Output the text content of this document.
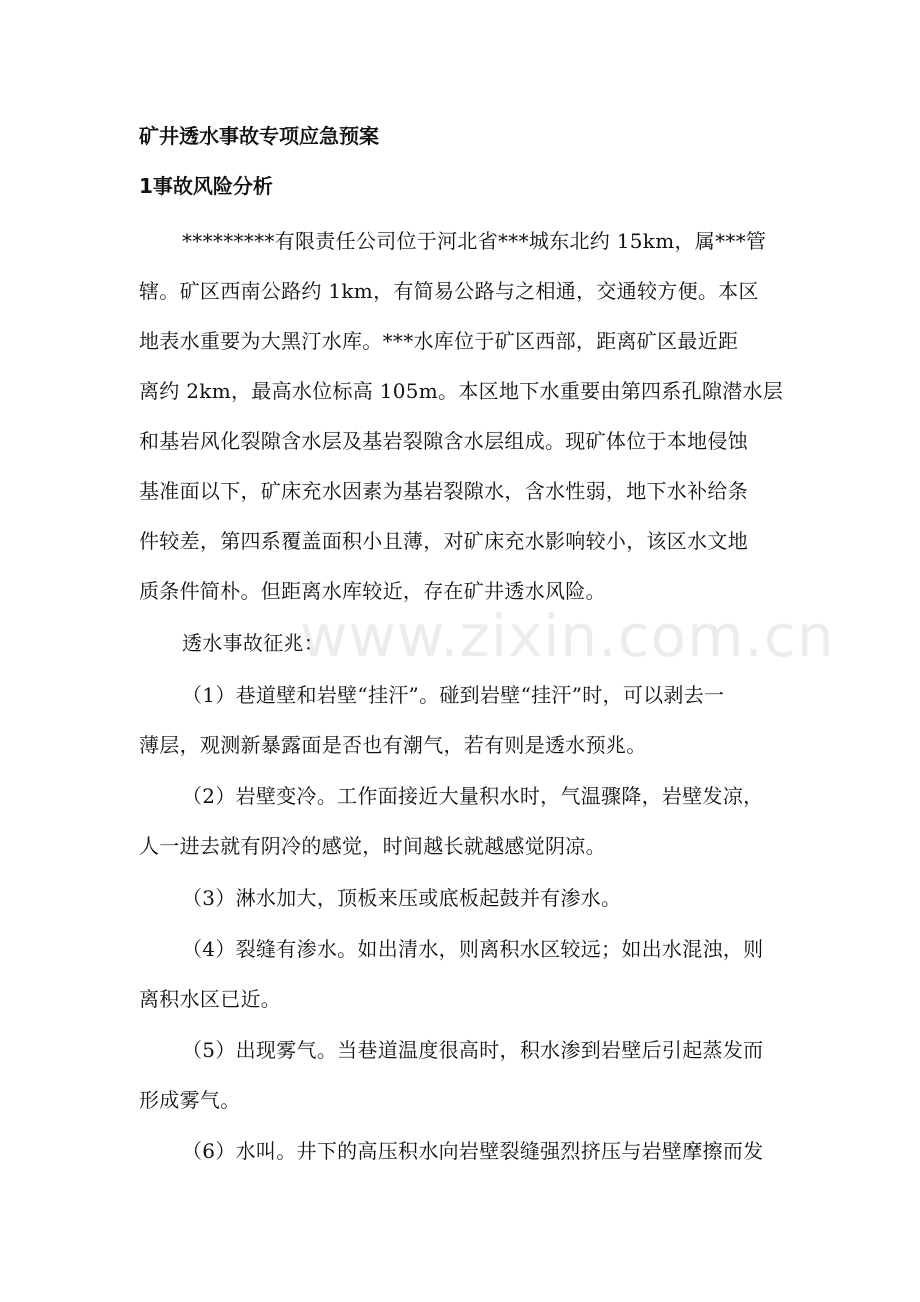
矿井透水事故专项应急预案
1事故风险分析
*********有限责任公司位于河北省***城东北约 15km，属***管
辖。矿区西南公路约 1km，有简易公路与之相通，交通较方便。本区
地表水重要为大黑汀水库。***水库位于矿区西部，距离矿区最近距
离约 2km，最高水位标高 105m。本区地下水重要由第四系孔隙潜水层
和基岩风化裂隙含水层及基岩裂隙含水层组成。现矿体位于本地侵蚀
基准面以下，矿床充水因素为基岩裂隙水，含水性弱，地下水补给条
件较差，第四系覆盖面积小且薄，对矿床充水影响较小，该区水文地
质条件简朴。但距离水库较近，存在矿井透水风险。
www.zixin.com.cn
透水事故征兆：
（1）巷道壁和岩壁“挂汗”。碰到岩壁“挂汗”时，可以剥去一
薄层，观测新暴露面是否也有潮气，若有则是透水预兆。
（2）岩壁变冷。工作面接近大量积水时，气温骤降，岩壁发凉，
人一进去就有阴冷的感觉，时间越长就越感觉阴凉。
（3）淋水加大，顶板来压或底板起鼓并有渗水。
（4）裂缝有渗水。如出清水，则离积水区较远；如出水混浊，则
离积水区已近。
（5）出现雾气。当巷道温度很高时，积水渗到岩壁后引起蒸发而
形成雾气。
（6）水叫。井下的高压积水向岩壁裂缝强烈挤压与岩壁摩擦而发
